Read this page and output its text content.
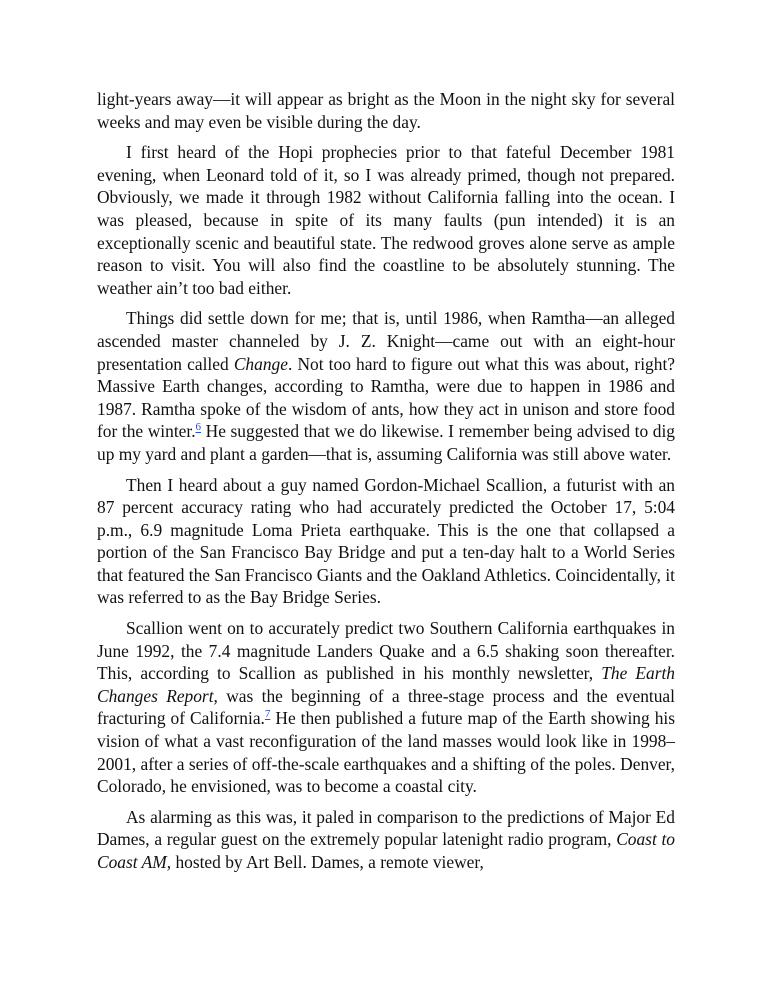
light-years away—it will appear as bright as the Moon in the night sky for several weeks and may even be visible during the day.

I first heard of the Hopi prophecies prior to that fateful December 1981 evening, when Leonard told of it, so I was already primed, though not prepared. Obviously, we made it through 1982 without California falling into the ocean. I was pleased, because in spite of its many faults (pun intended) it is an exceptionally scenic and beautiful state. The redwood groves alone serve as ample reason to visit. You will also find the coastline to be absolutely stunning. The weather ain’t too bad either.

Things did settle down for me; that is, until 1986, when Ramtha—an alleged ascended master channeled by J. Z. Knight—came out with an eight-hour presentation called Change. Not too hard to figure out what this was about, right? Massive Earth changes, according to Ramtha, were due to happen in 1986 and 1987. Ramtha spoke of the wisdom of ants, how they act in unison and store food for the winter.$^6$ He suggested that we do likewise. I remember being advised to dig up my yard and plant a garden—that is, assuming California was still above water.

Then I heard about a guy named Gordon-Michael Scallion, a futurist with an 87 percent accuracy rating who had accurately predicted the October 17, 5:04 p.m., 6.9 magnitude Loma Prieta earthquake. This is the one that collapsed a portion of the San Francisco Bay Bridge and put a ten-day halt to a World Series that featured the San Francisco Giants and the Oakland Athletics. Coincidentally, it was referred to as the Bay Bridge Series.

Scallion went on to accurately predict two Southern California earthquakes in June 1992, the 7.4 magnitude Landers Quake and a 6.5 shaking soon thereafter. This, according to Scallion as published in his monthly newsletter, The Earth Changes Report, was the beginning of a three-stage process and the eventual fracturing of California.$^7$ He then published a future map of the Earth showing his vision of what a vast reconfiguration of the land masses would look like in 1998–2001, after a series of off-the-scale earthquakes and a shifting of the poles. Denver, Colorado, he envisioned, was to become a coastal city.

As alarming as this was, it paled in comparison to the predictions of Major Ed Dames, a regular guest on the extremely popular latenight radio program, Coast to Coast AM, hosted by Art Bell. Dames, a remote viewer,
